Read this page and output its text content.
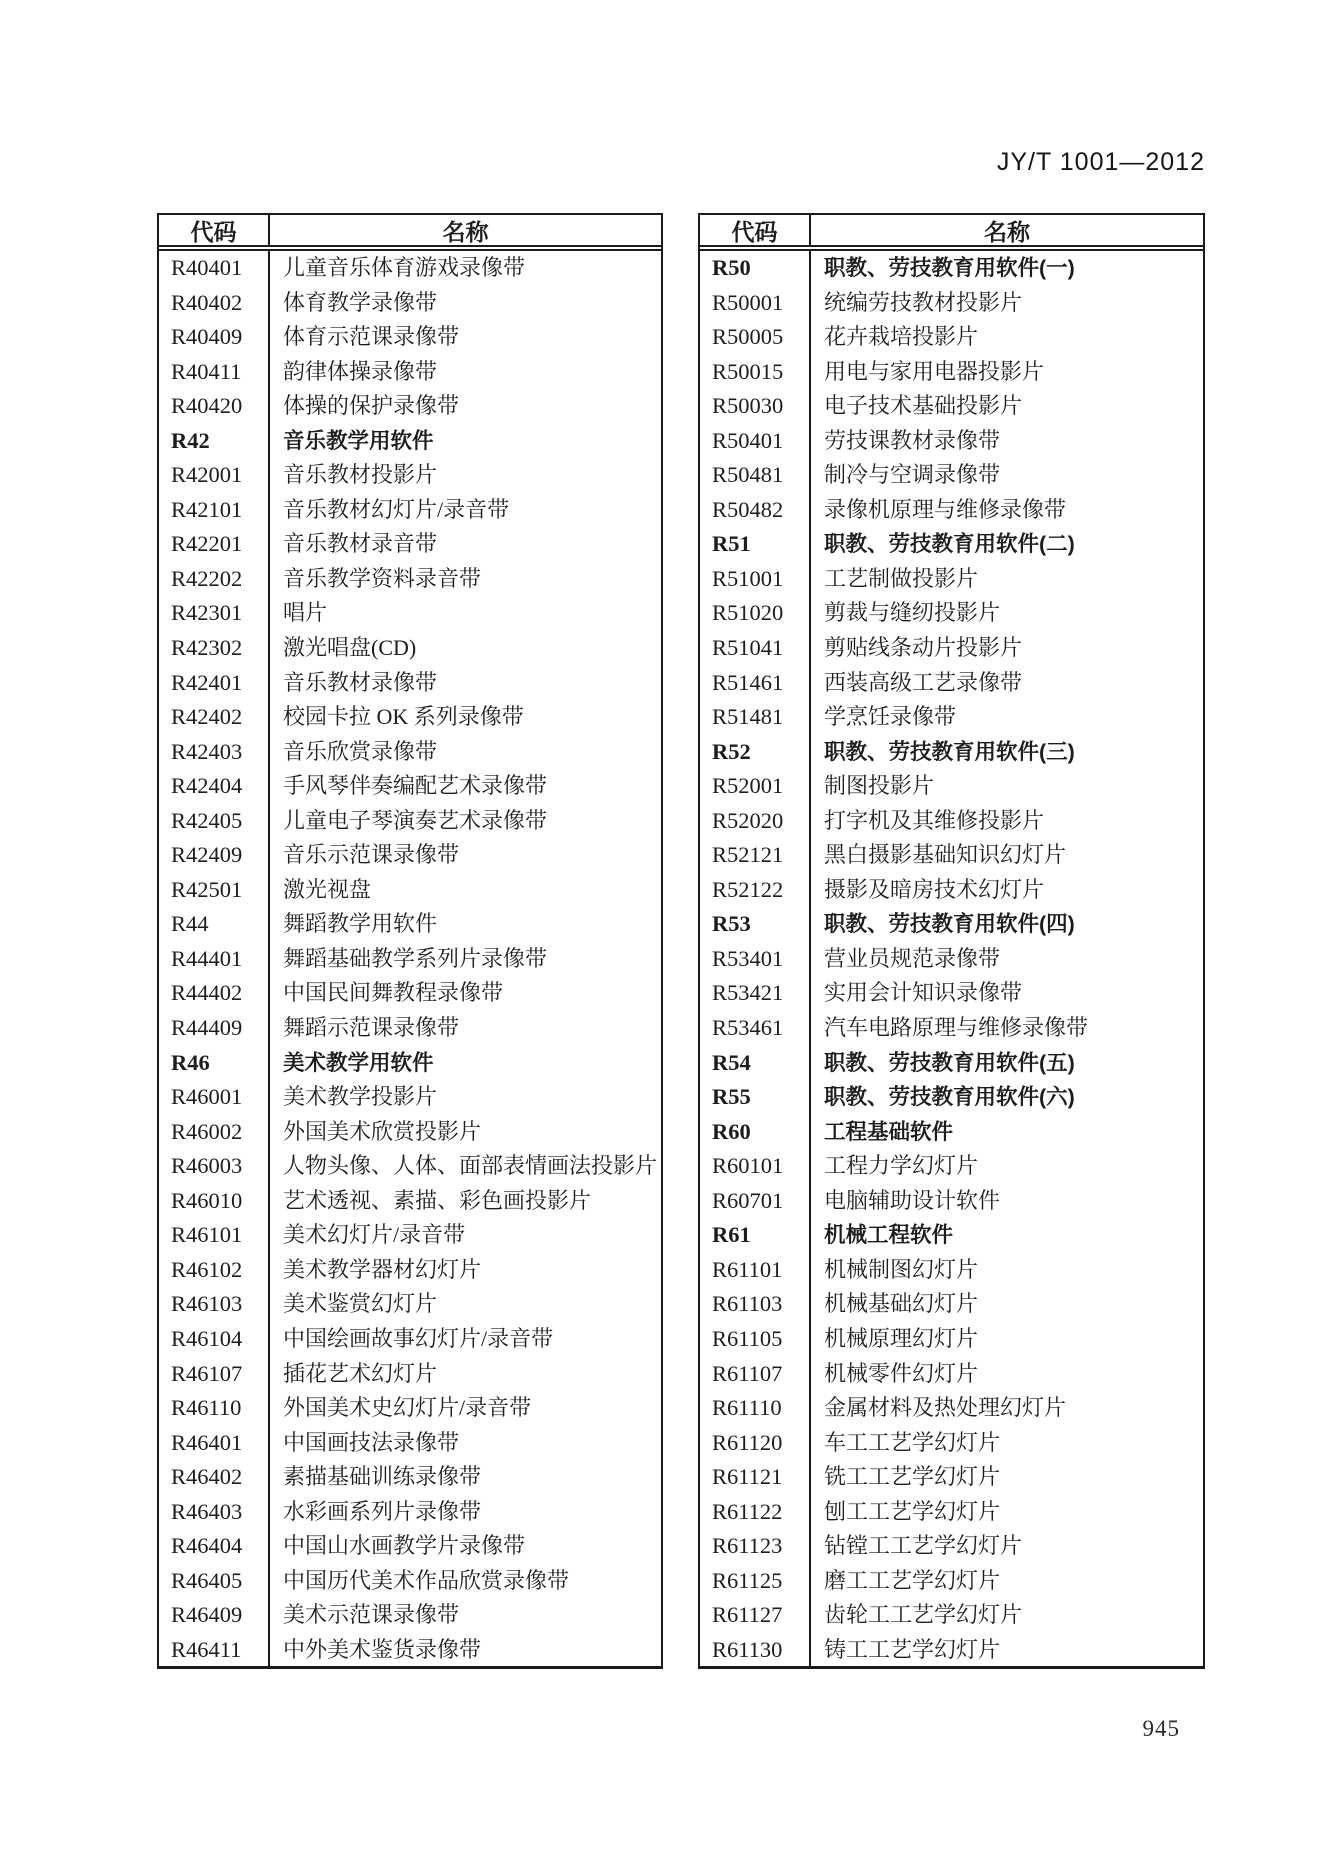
JY/T 1001—2012
代码	名称
R40401	儿童音乐体育游戏录像带
R40402	体育教学录像带
R40409	体育示范课录像带
R40411	韵律体操录像带
R40420	体操的保护录像带
R42	音乐教学用软件
R42001	音乐教材投影片
R42101	音乐教材幻灯片/录音带
R42201	音乐教材录音带
R42202	音乐教学资料录音带
R42301	唱片
R42302	激光唱盘(CD)
R42401	音乐教材录像带
R42402	校园卡拉 OK 系列录像带
R42403	音乐欣赏录像带
R42404	手风琴伴奏编配艺术录像带
R42405	儿童电子琴演奏艺术录像带
R42409	音乐示范课录像带
R42501	激光视盘
R44	舞蹈教学用软件
R44401	舞蹈基础教学系列片录像带
R44402	中国民间舞教程录像带
R44409	舞蹈示范课录像带
R46	美术教学用软件
R46001	美术教学投影片
R46002	外国美术欣赏投影片
R46003	人物头像、人体、面部表情画法投影片
R46010	艺术透视、素描、彩色画投影片
R46101	美术幻灯片/录音带
R46102	美术教学器材幻灯片
R46103	美术鉴赏幻灯片
R46104	中国绘画故事幻灯片/录音带
R46107	插花艺术幻灯片
R46110	外国美术史幻灯片/录音带
R46401	中国画技法录像带
R46402	素描基础训练录像带
R46403	水彩画系列片录像带
R46404	中国山水画教学片录像带
R46405	中国历代美术作品欣赏录像带
R46409	美术示范课录像带
R46411	中外美术鉴货录像带
代码	名称
R50	职教、劳技教育用软件(一)
R50001	统编劳技教材投影片
R50005	花卉栽培投影片
R50015	用电与家用电器投影片
R50030	电子技术基础投影片
R50401	劳技课教材录像带
R50481	制冷与空调录像带
R50482	录像机原理与维修录像带
R51	职教、劳技教育用软件(二)
R51001	工艺制做投影片
R51020	剪裁与缝纫投影片
R51041	剪贴线条动片投影片
R51461	西装高级工艺录像带
R51481	学烹饪录像带
R52	职教、劳技教育用软件(三)
R52001	制图投影片
R52020	打字机及其维修投影片
R52121	黑白摄影基础知识幻灯片
R52122	摄影及暗房技术幻灯片
R53	职教、劳技教育用软件(四)
R53401	营业员规范录像带
R53421	实用会计知识录像带
R53461	汽车电路原理与维修录像带
R54	职教、劳技教育用软件(五)
R55	职教、劳技教育用软件(六)
R60	工程基础软件
R60101	工程力学幻灯片
R60701	电脑辅助设计软件
R61	机械工程软件
R61101	机械制图幻灯片
R61103	机械基础幻灯片
R61105	机械原理幻灯片
R61107	机械零件幻灯片
R61110	金属材料及热处理幻灯片
R61120	车工工艺学幻灯片
R61121	铣工工艺学幻灯片
R61122	刨工工艺学幻灯片
R61123	钻镗工工艺学幻灯片
R61125	磨工工艺学幻灯片
R61127	齿轮工工艺学幻灯片
R61130	铸工工艺学幻灯片
945
